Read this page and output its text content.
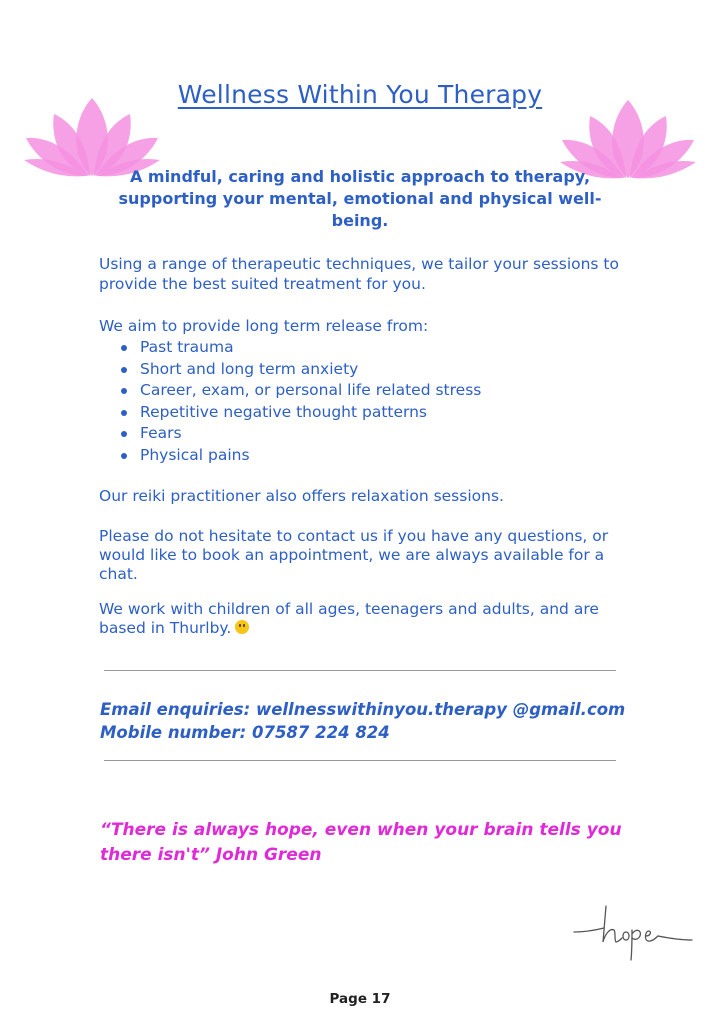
Wellness Within You Therapy
A mindful, caring and holistic approach to therapy, supporting your mental, emotional and physical well-being.
Using a range of therapeutic techniques, we tailor your sessions to provide the best suited treatment for you.
We aim to provide long term release from:
Past trauma
Short and long term anxiety
Career, exam, or personal life related stress
Repetitive negative thought patterns
Fears
Physical pains
Our reiki practitioner also offers relaxation sessions.
Please do not hesitate to contact us if you have any questions, or would like to book an appointment, we are always available for a chat.
We work with children of all ages, teenagers and adults, and are based in Thurlby.
Email enquiries: wellnesswithinyou.therapy @gmail.com
Mobile number: 07587 224 824
“There is always hope, even when your brain tells you there isn't” John Green
Page 17
